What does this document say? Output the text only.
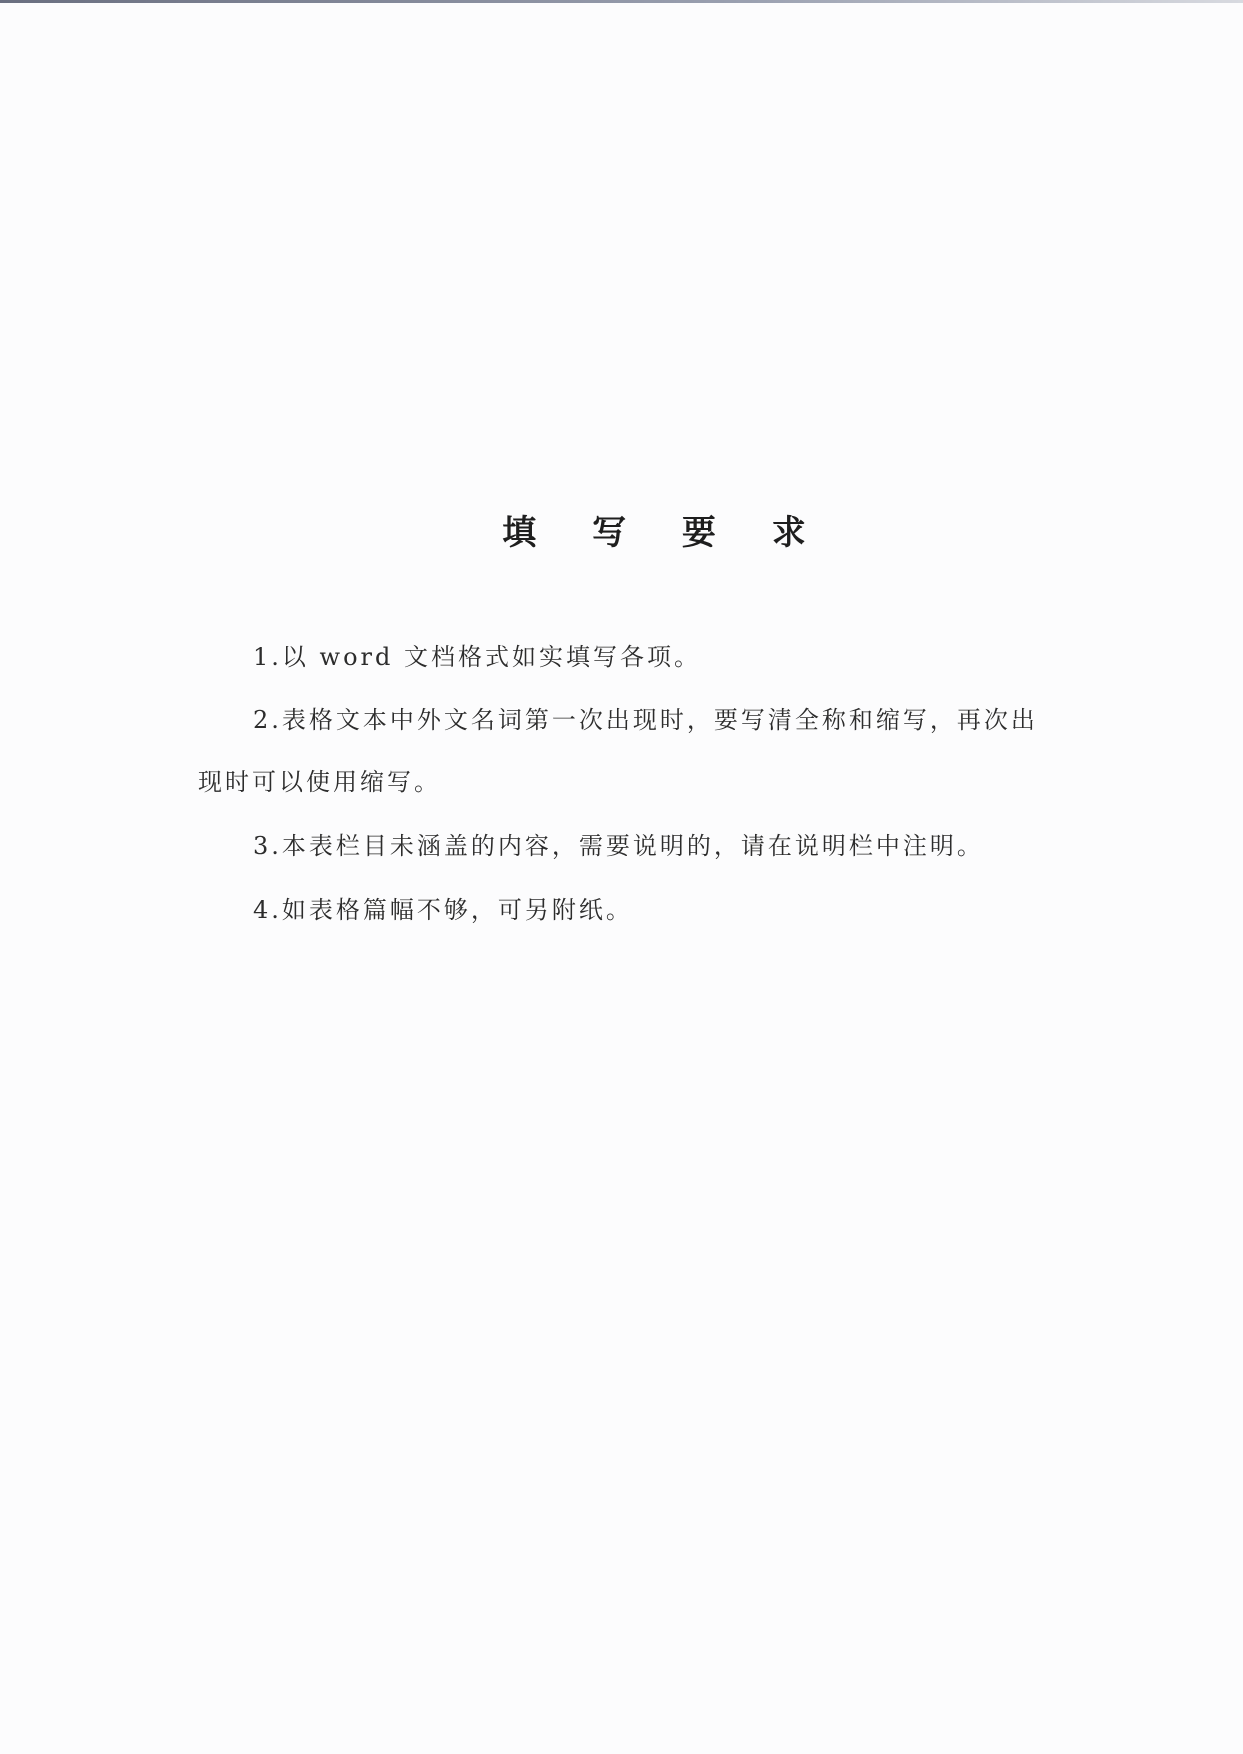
填 写 要 求
1.以 word 文档格式如实填写各项。
2.表格文本中外文名词第一次出现时，要写清全称和缩写，再次出
现时可以使用缩写。
3.本表栏目未涵盖的内容，需要说明的，请在说明栏中注明。
4.如表格篇幅不够，可另附纸。
